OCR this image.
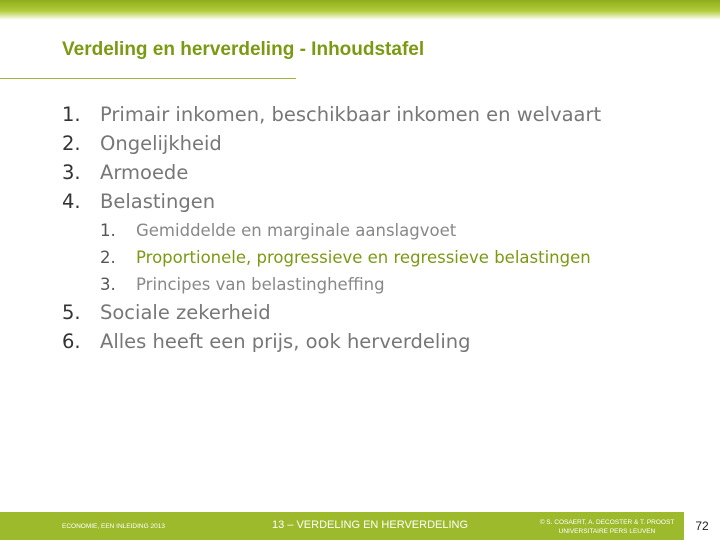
Verdeling en herverdeling - Inhoudstafel
1. Primair inkomen, beschikbaar inkomen en welvaart
2. Ongelijkheid
3. Armoede
4. Belastingen
1. Gemiddelde en marginale aanslagvoet
2. Proportionele, progressieve en regressieve belastingen
3. Principes van belastingheffing
5. Sociale zekerheid
6. Alles heeft een prijs, ook herverdeling
ECONOMIE, EEN INLEIDING 2013	13 – VERDELING EN HERVERDELING	© S. COSAERT, A. DECOSTER & T. PROOST
UNIVERSITAIRE PERS LEUVEN	72
